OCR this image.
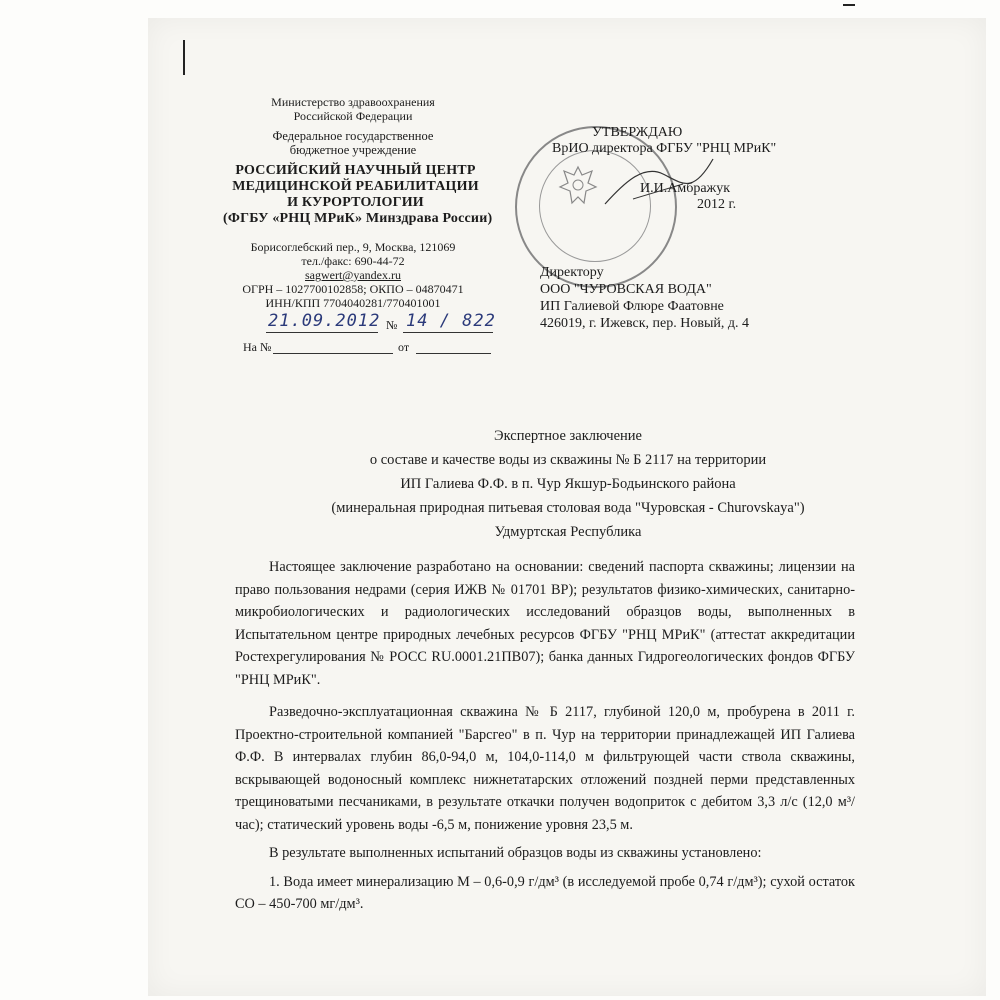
Министерство здравоохранения
Российской Федерации
Федеральное государственное
бюджетное учреждение
РОССИЙСКИЙ НАУЧНЫЙ ЦЕНТР
МЕДИЦИНСКОЙ РЕАБИЛИТАЦИИ
И КУРОРТОЛОГИИ
(ФГБУ «РНЦ МРиК» Минздрава России)
Борисоглебский пер., 9, Москва, 121069
тел./факс: 690-44-72
sagwert@yandex.ru
ОГРН – 1027700102858; ОКПО – 04870471
ИНН/КПП 7704040281/770401001
21.09.2012 № 14 / 822
На №	от
УТВЕРЖДАЮ
ВрИО директора ФГБУ "РНЦ МРиК"
И.И.Амбражук
2012 г.
Директору
ООО "ЧУРОВСКАЯ ВОДА"
ИП Галиевой Флюре Фаатовне
426019, г. Ижевск, пер. Новый, д. 4
Экспертное заключение
о составе и качестве воды из скважины № Б 2117 на территории
ИП Галиева Ф.Ф. в п. Чур Якшур-Бодьинского района
(минеральная природная питьевая столовая вода "Чуровская - Churovskaya")
Удмуртская Республика

Настоящее заключение разработано на основании: сведений паспорта скважины; лицензии на право пользования недрами (серия ИЖВ № 01701 ВР); результатов физико-химических, санитарно-микробиологических и радиологических исследований образцов воды, выполненных в Испытательном центре природных лечебных ресурсов ФГБУ "РНЦ МРиК" (аттестат аккредитации Ростехрегулирования № РОСС RU.0001.21ПВ07); банка данных Гидрогеологических фондов ФГБУ "РНЦ МРиК".

Разведочно-эксплуатационная скважина № Б 2117, глубиной 120,0 м, пробурена в 2011 г. Проектно-строительной компанией "Барсгео" в п. Чур на территории принадлежащей ИП Галиева Ф.Ф. В интервалах глубин 86,0-94,0 м, 104,0-114,0 м фильтрующей части ствола скважины, вскрывающей водоносный комплекс нижнетатарских отложений поздней перми представленных трещиноватыми песчаниками, в результате откачки получен водоприток с дебитом 3,3 л/с (12,0 м³/час); статический уровень воды -6,5 м, понижение уровня 23,5 м.

В результате выполненных испытаний образцов воды из скважины установлено:

1. Вода имеет минерализацию М – 0,6-0,9 г/дм³ (в исследуемой пробе 0,74 г/дм³); сухой остаток СО – 450-700 мг/дм³.
